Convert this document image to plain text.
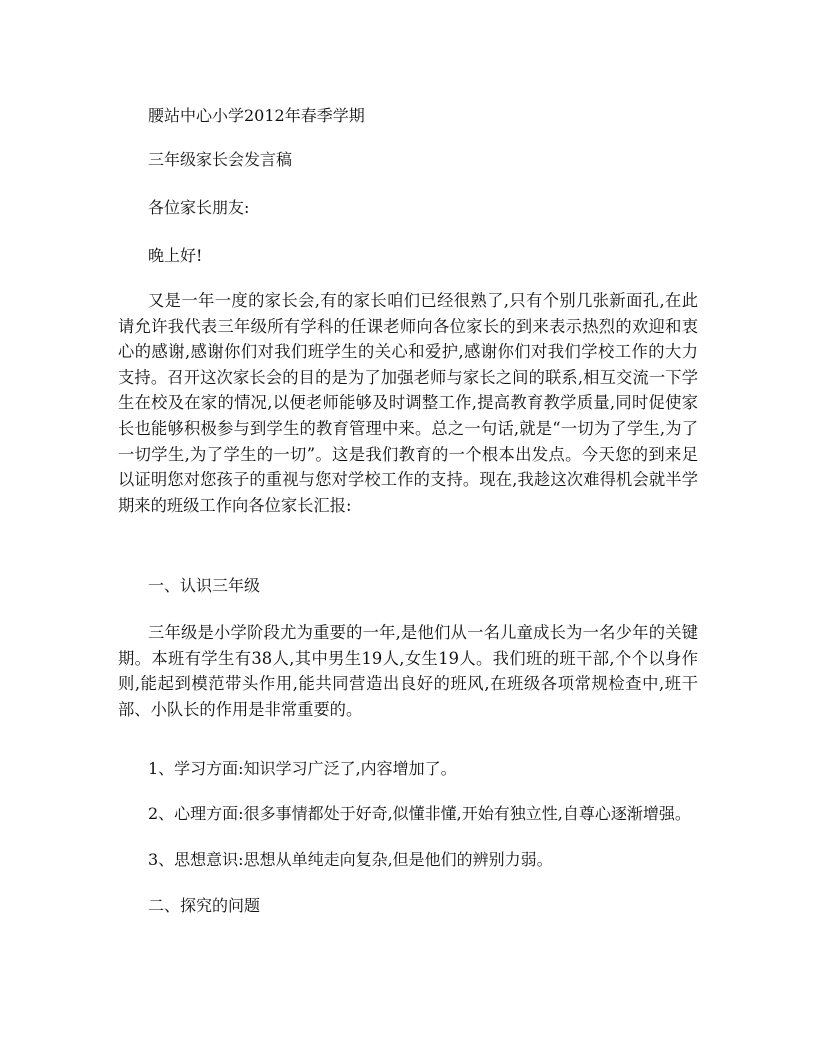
腰站中心小学2012年春季学期
三年级家长会发言稿
各位家长朋友:
晚上好!
又是一年一度的家长会,有的家长咱们已经很熟了,只有个别几张新面孔,在此请允许我代表三年级所有学科的任课老师向各位家长的到来表示热烈的欢迎和衷心的感谢,感谢你们对我们班学生的关心和爱护,感谢你们对我们学校工作的大力支持。召开这次家长会的目的是为了加强老师与家长之间的联系,相互交流一下学生在校及在家的情况,以便老师能够及时调整工作,提高教育教学质量,同时促使家长也能够积极参与到学生的教育管理中来。总之一句话,就是“一切为了学生,为了一切学生,为了学生的一切”。这是我们教育的一个根本出发点。今天您的到来足以证明您对您孩子的重视与您对学校工作的支持。现在,我趁这次难得机会就半学期来的班级工作向各位家长汇报:
一、认识三年级
三年级是小学阶段尤为重要的一年,是他们从一名儿童成长为一名少年的关键期。本班有学生有38人,其中男生19人,女生19人。我们班的班干部,个个以身作则,能起到模范带头作用,能共同营造出良好的班风,在班级各项常规检查中,班干部、小队长的作用是非常重要的。
1、学习方面:知识学习广泛了,内容增加了。
2、心理方面:很多事情都处于好奇,似懂非懂,开始有独立性,自尊心逐渐增强。
3、思想意识:思想从单纯走向复杂,但是他们的辨别力弱。
二、探究的问题
